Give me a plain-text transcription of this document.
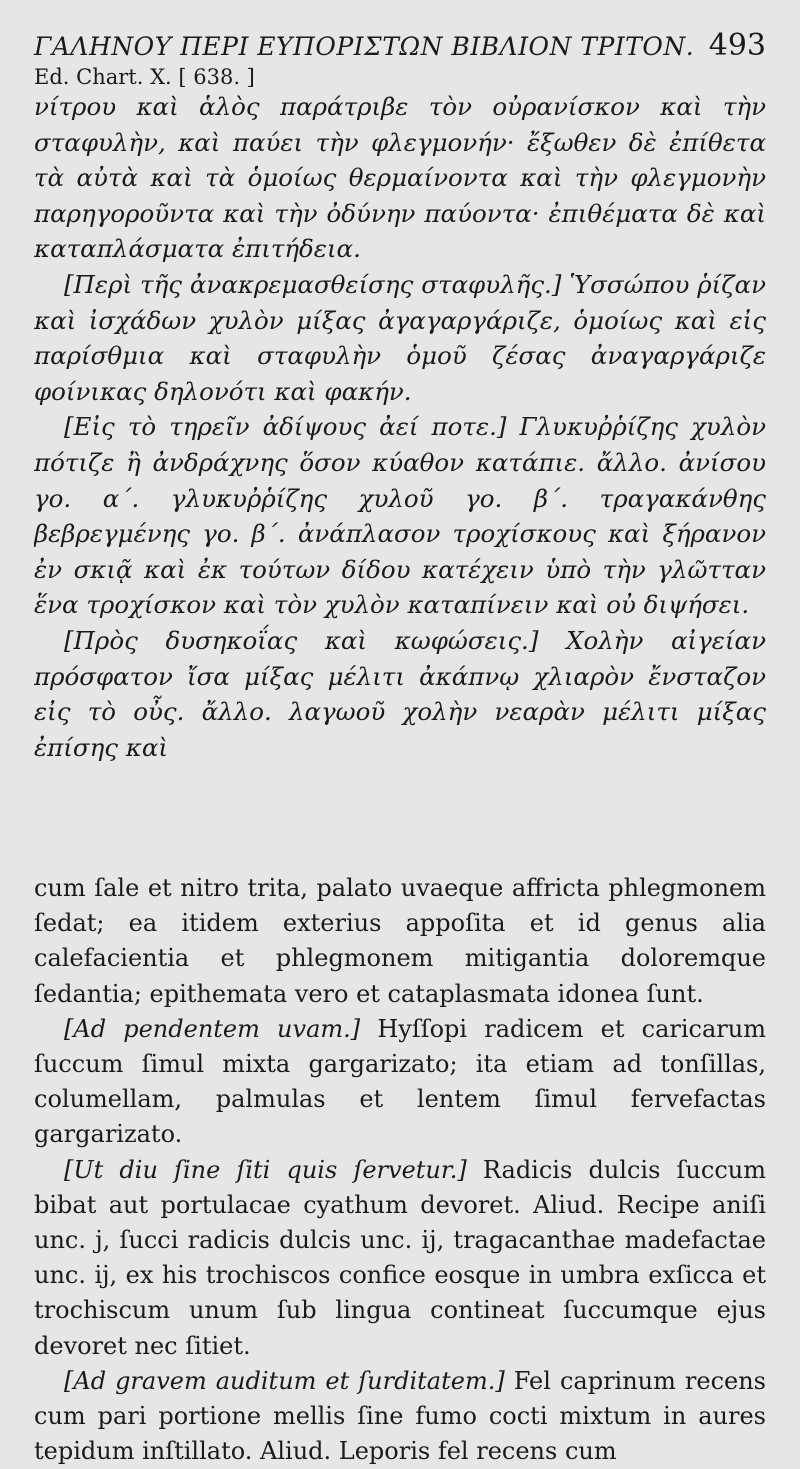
ΓΑΛΗΝΟΥ ΠΕΡΙ ΕΥΠΟΡΙΣΤΩΝ ΒΙΒΛΙΟΝ ΤΡΙΤΟΝ. 493
Ed. Chart. X. [ 638. ]

νίτρου καὶ ἁλὸς παράτριβε τὸν οὐρανίσκον καὶ τὴν σταφυλὴν, καὶ παύει τὴν φλεγμονήν· ἔξωθεν δὲ ἐπίθετα τὰ αὐτὰ καὶ τὰ ὁμοίως θερμαίνοντα καὶ τὴν φλεγμονὴν παρηγοροῦντα καὶ τὴν ὀδύνην παύοντα· ἐπιθέματα δὲ καὶ καταπλάσματα ἐπιτήδεια.

[Περὶ τῆς ἀνακρεμασθείσης σταφυλῆς.] Ὑσσώπου ῥίζαν καὶ ἰσχάδων χυλὸν μίξας ἀγαγαργάριζε, ὁμοίως καὶ εἰς παρίσθμια καὶ σταφυλὴν ὁμοῦ ζέσας ἀναγαργάριζε φοίνικας δηλονότι καὶ φακήν.

[Εἰς τὸ τηρεῖν ἀδίψους ἀεί ποτε.] Γλυκυῤῥίζης χυλὸν πότιζε ἢ ἀνδράχνης ὅσον κύαθον κατάπιε. ἄλλο. ἀνίσου γο. α΄. γλυκυῤῥίζης χυλοῦ γο. β΄. τραγακάνθης βεβρεγμένης γο. β΄. ἀνάπλασον τροχίσκους καὶ ξήρανον ἐν σκιᾷ καὶ ἐκ τούτων δίδου κατέχειν ὑπὸ τὴν γλῶτταν ἕνα τροχίσκον καὶ τὸν χυλὸν καταπίνειν καὶ οὐ διψήσει.

[Πρὸς δυσηκοΐας καὶ κωφώσεις.] Χολὴν αἰγείαν πρόσφατον ἴσα μίξας μέλιτι ἀκάπνῳ χλιαρὸν ἔνσταζον εἰς τὸ οὖς. ἄλλο. λαγωοῦ χολὴν νεαρὰν μέλιτι μίξας ἐπίσης καὶ

cum ſale et nitro trita, palato uvaeque affricta phlegmonem ſedat; ea itidem exterius appoſita et id genus alia calefacientia et phlegmonem mitigantia doloremque ſedantia; epithemata vero et cataplasmata idonea ſunt.

[Ad pendentem uvam.] Hyſſopi radicem et caricarum ſuccum ſimul mixta gargarizato; ita etiam ad tonſillas, columellam, palmulas et lentem ſimul fervefactas gargarizato.

[Ut diu ſine ſiti quis ſervetur.] Radicis dulcis ſuccum bibat aut portulacae cyathum devoret. Aliud. Recipe aniſi unc. j, ſucci radicis dulcis unc. ij, tragacanthae madefactae unc. ij, ex his trochiscos confice eosque in umbra exſicca et trochiscum unum ſub lingua contineat ſuccumque ejus devoret nec ſitiet.

[Ad gravem auditum et ſurditatem.] Fel caprinum recens cum pari portione mellis ſine fumo cocti mixtum in aures tepidum inſtillato. Aliud. Leporis fel recens cum
